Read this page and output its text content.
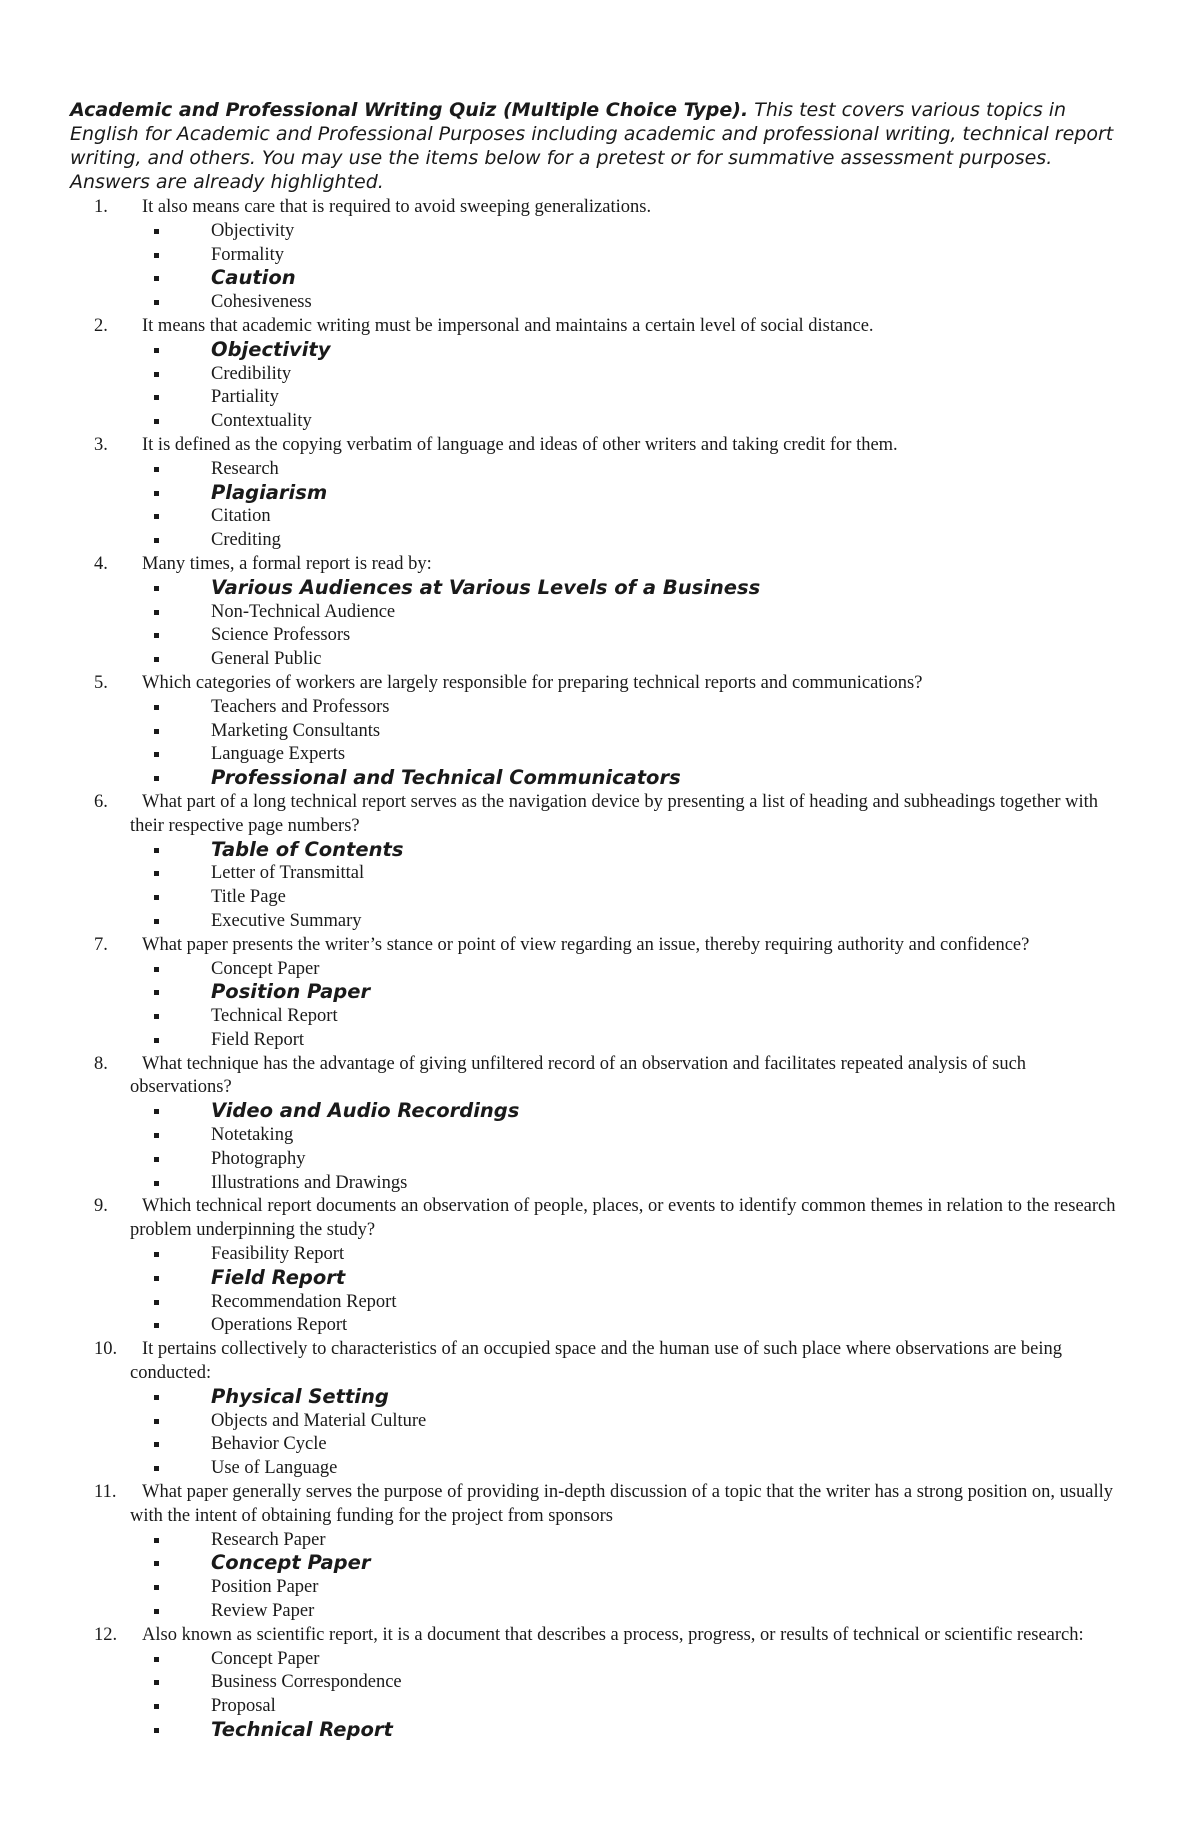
Academic and Professional Writing Quiz (Multiple Choice Type). This test covers various topics in English for Academic and Professional Purposes including academic and professional writing, technical report writing, and others. You may use the items below for a pretest or for summative assessment purposes. Answers are already highlighted.

1.	It also means care that is required to avoid sweeping generalizations.
Objectivity
Formality
Caution
Cohesiveness
2.	It means that academic writing must be impersonal and maintains a certain level of social distance.
Objectivity
Credibility
Partiality
Contextuality
3.	It is defined as the copying verbatim of language and ideas of other writers and taking credit for them.
Research
Plagiarism
Citation
Crediting
4.	Many times, a formal report is read by:
Various Audiences at Various Levels of a Business
Non-Technical Audience
Science Professors
General Public
5.	Which categories of workers are largely responsible for preparing technical reports and communications?
Teachers and Professors
Marketing Consultants
Language Experts
Professional and Technical Communicators
6.	What part of a long technical report serves as the navigation device by presenting a list of heading and subheadings together with their respective page numbers?
Table of Contents
Letter of Transmittal
Title Page
Executive Summary
7.	What paper presents the writer’s stance or point of view regarding an issue, thereby requiring authority and confidence?
Concept Paper
Position Paper
Technical Report
Field Report
8.	What technique has the advantage of giving unfiltered record of an observation and facilitates repeated analysis of such observations?
Video and Audio Recordings
Notetaking
Photography
Illustrations and Drawings
9.	Which technical report documents an observation of people, places, or events to identify common themes in relation to the research problem underpinning the study?
Feasibility Report
Field Report
Recommendation Report
Operations Report
10.	It pertains collectively to characteristics of an occupied space and the human use of such place where observations are being conducted:
Physical Setting
Objects and Material Culture
Behavior Cycle
Use of Language
11.	What paper generally serves the purpose of providing in-depth discussion of a topic that the writer has a strong position on, usually with the intent of obtaining funding for the project from sponsors
Research Paper
Concept Paper
Position Paper
Review Paper
12.	Also known as scientific report, it is a document that describes a process, progress, or results of technical or scientific research:
Concept Paper
Business Correspondence
Proposal
Technical Report
